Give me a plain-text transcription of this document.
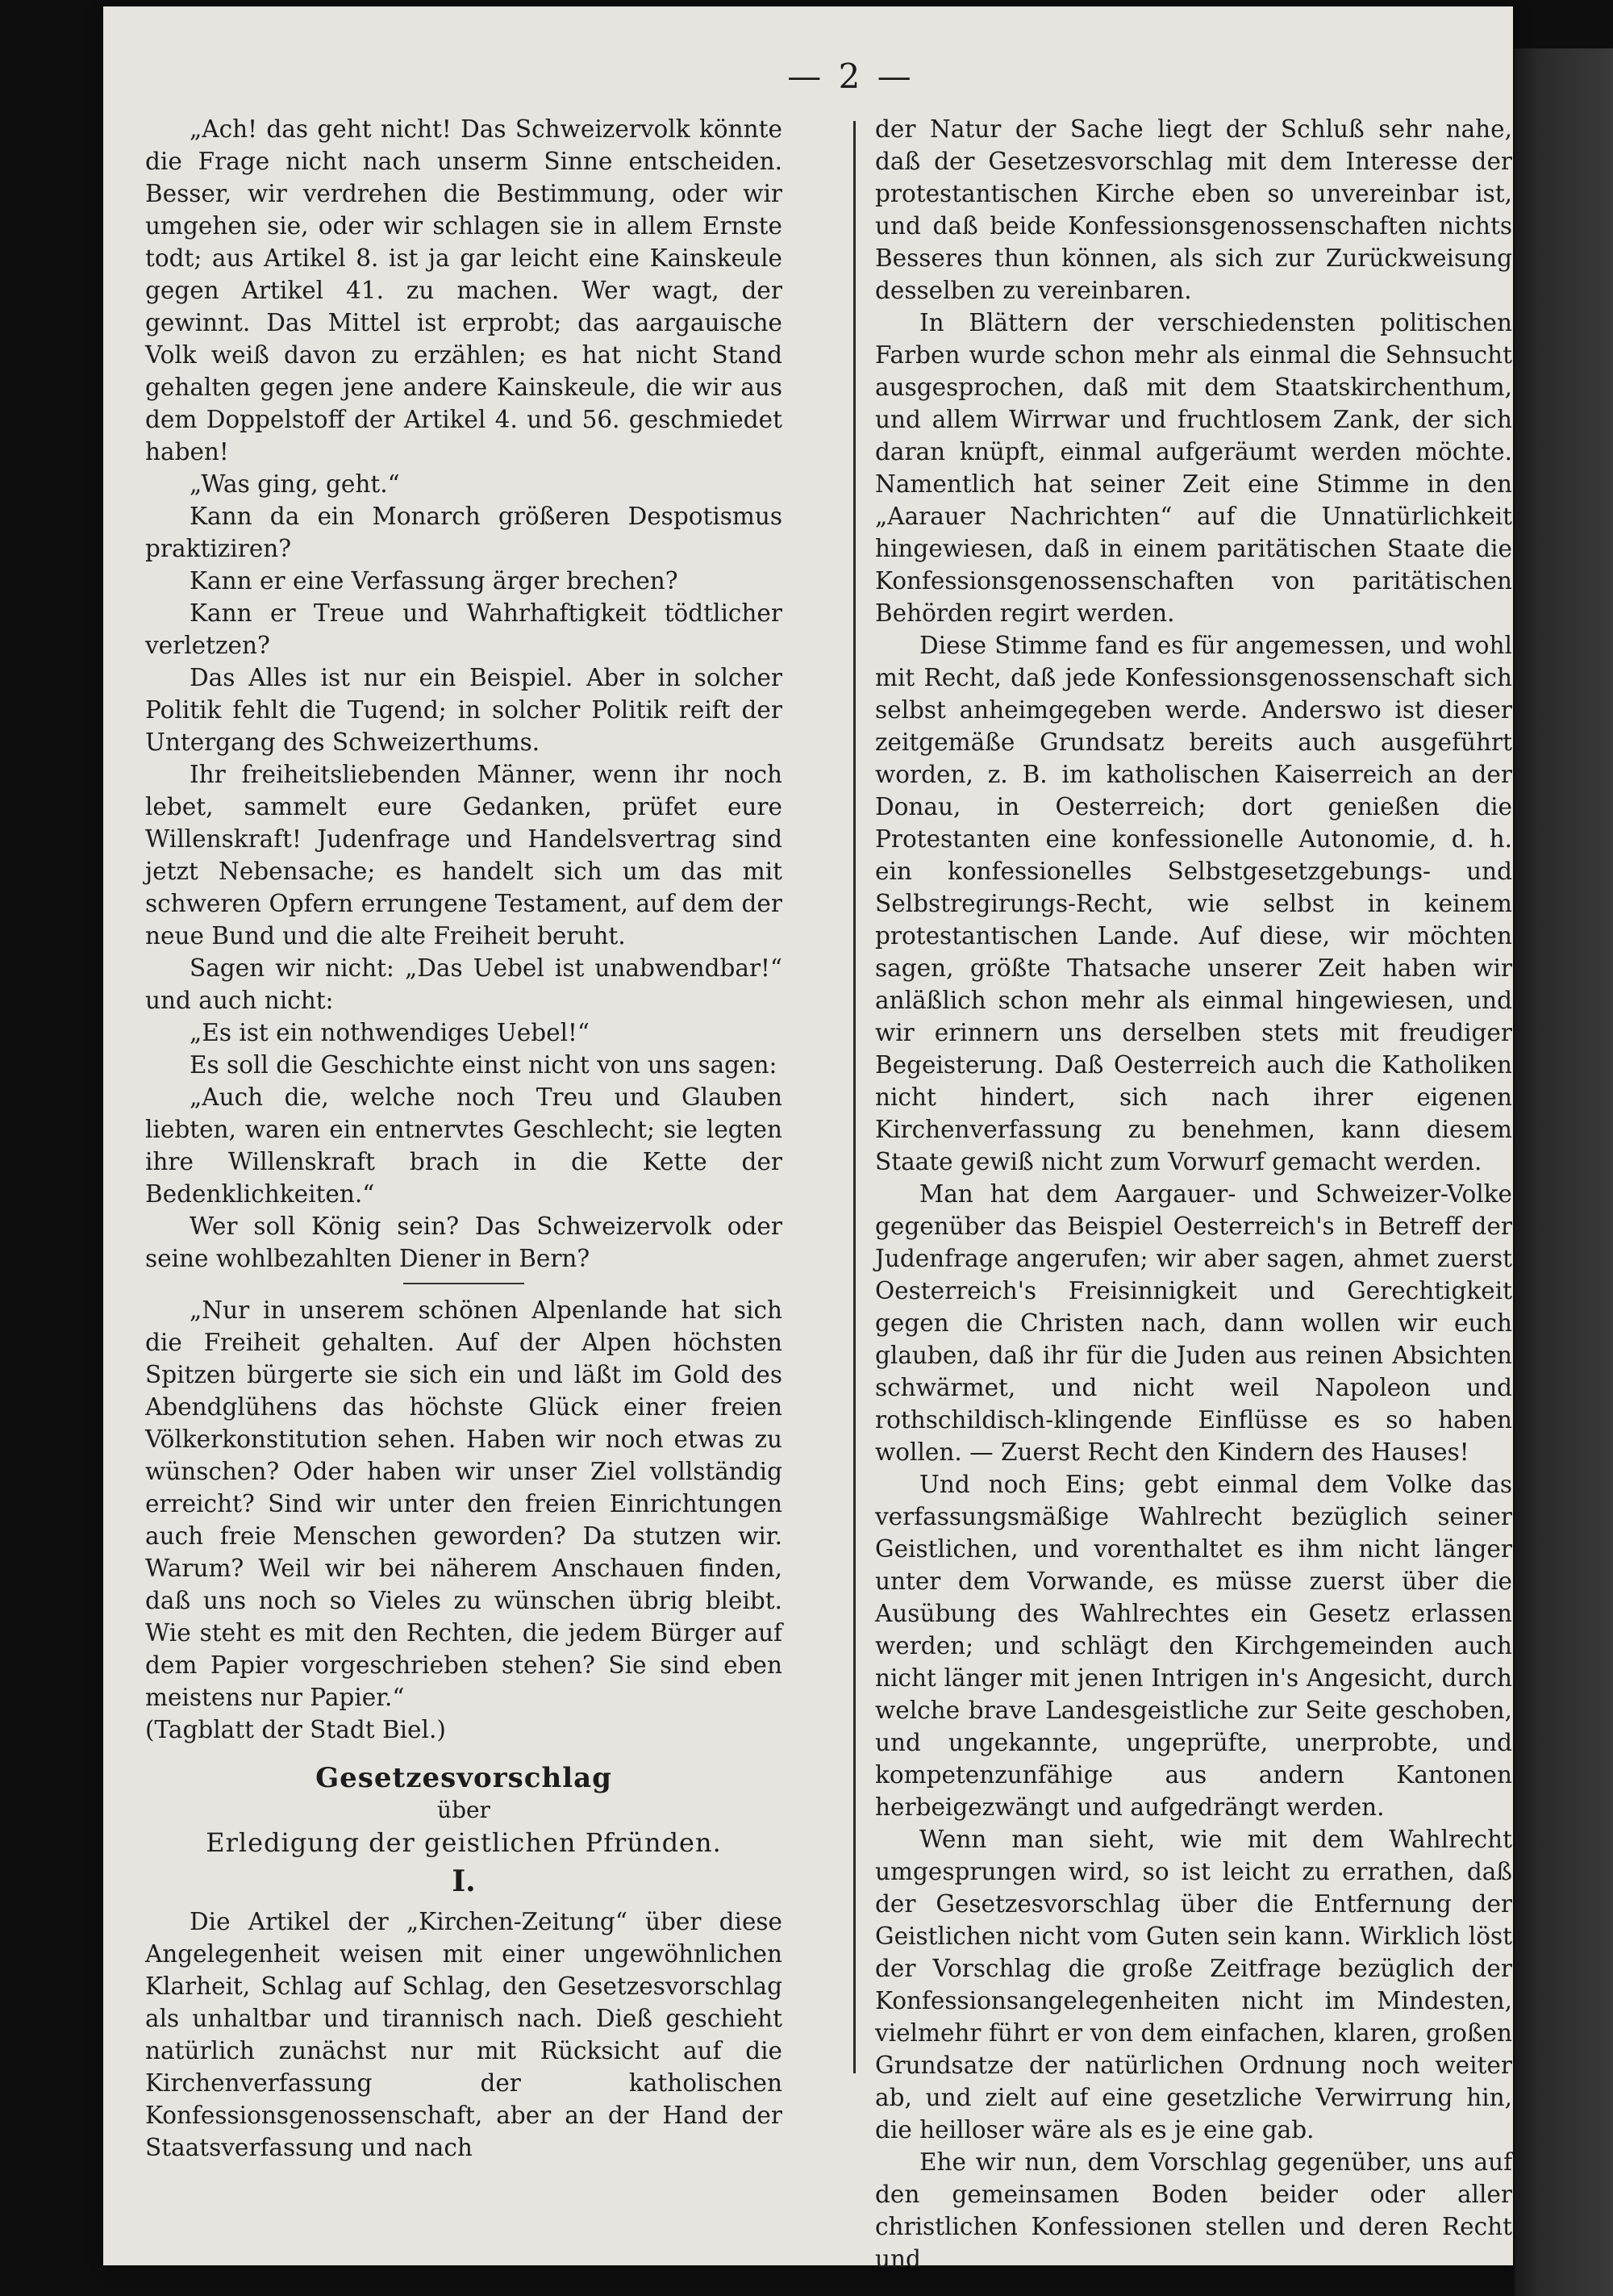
— 2 —

„Ach! das geht nicht! Das Schweizervolk könnte die Frage nicht nach unserm Sinne entscheiden. Besser, wir verdrehen die Bestimmung, oder wir umgehen sie, oder wir schlagen sie in allem Ernste todt; aus Artikel 8. ist ja gar leicht eine Kainskeule gegen Artikel 41. zu machen. Wer wagt, der gewinnt. Das Mittel ist erprobt; das aargauische Volk weiß davon zu erzählen; es hat nicht Stand gehalten gegen jene andere Kainskeule, die wir aus dem Doppelstoff der Artikel 4. und 56. geschmiedet haben!

„Was ging, geht.“

Kann da ein Monarch größeren Despotismus praktiziren?

Kann er eine Verfassung ärger brechen?

Kann er Treue und Wahrhaftigkeit tödtlicher verletzen?

Das Alles ist nur ein Beispiel. Aber in solcher Politik fehlt die Tugend; in solcher Politik reift der Untergang des Schweizerthums.

Ihr freiheitsliebenden Männer, wenn ihr noch lebet, sammelt eure Gedanken, prüfet eure Willenskraft! Judenfrage und Handelsvertrag sind jetzt Nebensache; es handelt sich um das mit schweren Opfern errungene Testament, auf dem der neue Bund und die alte Freiheit beruht.

Sagen wir nicht: „Das Uebel ist unabwendbar!“ und auch nicht:

„Es ist ein nothwendiges Uebel!“

Es soll die Geschichte einst nicht von uns sagen:

„Auch die, welche noch Treu und Glauben liebten, waren ein entnervtes Geschlecht; sie legten ihre Willenskraft brach in die Kette der Bedenklichkeiten.“

Wer soll König sein? Das Schweizervolk oder seine wohlbezahlten Diener in Bern?

„Nur in unserem schönen Alpenlande hat sich die Freiheit gehalten. Auf der Alpen höchsten Spitzen bürgerte sie sich ein und läßt im Gold des Abendglühens das höchste Glück einer freien Völkerkonstitution sehen. Haben wir noch etwas zu wünschen? Oder haben wir unser Ziel vollständig erreicht? Sind wir unter den freien Einrichtungen auch freie Menschen geworden? Da stutzen wir. Warum? Weil wir bei näherem Anschauen finden, daß uns noch so Vieles zu wünschen übrig bleibt. Wie steht es mit den Rechten, die jedem Bürger auf dem Papier vorgeschrieben stehen? Sie sind eben meistens nur Papier.“

(Tagblatt der Stadt Biel.)

Gesetzesvorschlag
über
Erledigung der geistlichen Pfründen.
I.

Die Artikel der „Kirchen-Zeitung“ über diese Angelegenheit weisen mit einer ungewöhnlichen Klarheit, Schlag auf Schlag, den Gesetzesvorschlag als unhaltbar und tirannisch nach. Dieß geschieht natürlich zunächst nur mit Rücksicht auf die Kirchenverfassung der katholischen Konfessionsgenossenschaft, aber an der Hand der Staatsverfassung und nach

der Natur der Sache liegt der Schluß sehr nahe, daß der Gesetzesvorschlag mit dem Interesse der protestantischen Kirche eben so unvereinbar ist, und daß beide Konfessionsgenossenschaften nichts Besseres thun können, als sich zur Zurückweisung desselben zu vereinbaren.

In Blättern der verschiedensten politischen Farben wurde schon mehr als einmal die Sehnsucht ausgesprochen, daß mit dem Staatskirchenthum, und allem Wirrwar und fruchtlosem Zank, der sich daran knüpft, einmal aufgeräumt werden möchte. Namentlich hat seiner Zeit eine Stimme in den „Aarauer Nachrichten“ auf die Unnatürlichkeit hingewiesen, daß in einem paritätischen Staate die Konfessionsgenossenschaften von paritätischen Behörden regirt werden.

Diese Stimme fand es für angemessen, und wohl mit Recht, daß jede Konfessionsgenossenschaft sich selbst anheimgegeben werde. Anderswo ist dieser zeitgemäße Grundsatz bereits auch ausgeführt worden, z. B. im katholischen Kaiserreich an der Donau, in Oesterreich; dort genießen die Protestanten eine konfessionelle Autonomie, d. h. ein konfessionelles Selbstgesetzgebungs- und Selbstregirungs-Recht, wie selbst in keinem protestantischen Lande. Auf diese, wir möchten sagen, größte Thatsache unserer Zeit haben wir anläßlich schon mehr als einmal hingewiesen, und wir erinnern uns derselben stets mit freudiger Begeisterung. Daß Oesterreich auch die Katholiken nicht hindert, sich nach ihrer eigenen Kirchenverfassung zu benehmen, kann diesem Staate gewiß nicht zum Vorwurf gemacht werden.

Man hat dem Aargauer- und Schweizer-Volke gegenüber das Beispiel Oesterreich's in Betreff der Judenfrage angerufen; wir aber sagen, ahmet zuerst Oesterreich's Freisinnigkeit und Gerechtigkeit gegen die Christen nach, dann wollen wir euch glauben, daß ihr für die Juden aus reinen Absichten schwärmet, und nicht weil Napoleon und rothschildisch-klingende Einflüsse es so haben wollen. — Zuerst Recht den Kindern des Hauses!

Und noch Eins; gebt einmal dem Volke das verfassungsmäßige Wahlrecht bezüglich seiner Geistlichen, und vorenthaltet es ihm nicht länger unter dem Vorwande, es müsse zuerst über die Ausübung des Wahlrechtes ein Gesetz erlassen werden; und schlägt den Kirchgemeinden auch nicht länger mit jenen Intrigen in's Angesicht, durch welche brave Landesgeistliche zur Seite geschoben, und ungekannte, ungeprüfte, unerprobte, und kompetenzunfähige aus andern Kantonen herbeigezwängt und aufgedrängt werden.

Wenn man sieht, wie mit dem Wahlrecht umgesprungen wird, so ist leicht zu errathen, daß der Gesetzesvorschlag über die Entfernung der Geistlichen nicht vom Guten sein kann. Wirklich löst der Vorschlag die große Zeitfrage bezüglich der Konfessionsangelegenheiten nicht im Mindesten, vielmehr führt er von dem einfachen, klaren, großen Grundsatze der natürlichen Ordnung noch weiter ab, und zielt auf eine gesetzliche Verwirrung hin, die heilloser wäre als es je eine gab.

Ehe wir nun, dem Vorschlag gegenüber, uns auf den gemeinsamen Boden beider oder aller christlichen Konfessionen stellen und deren Recht und
